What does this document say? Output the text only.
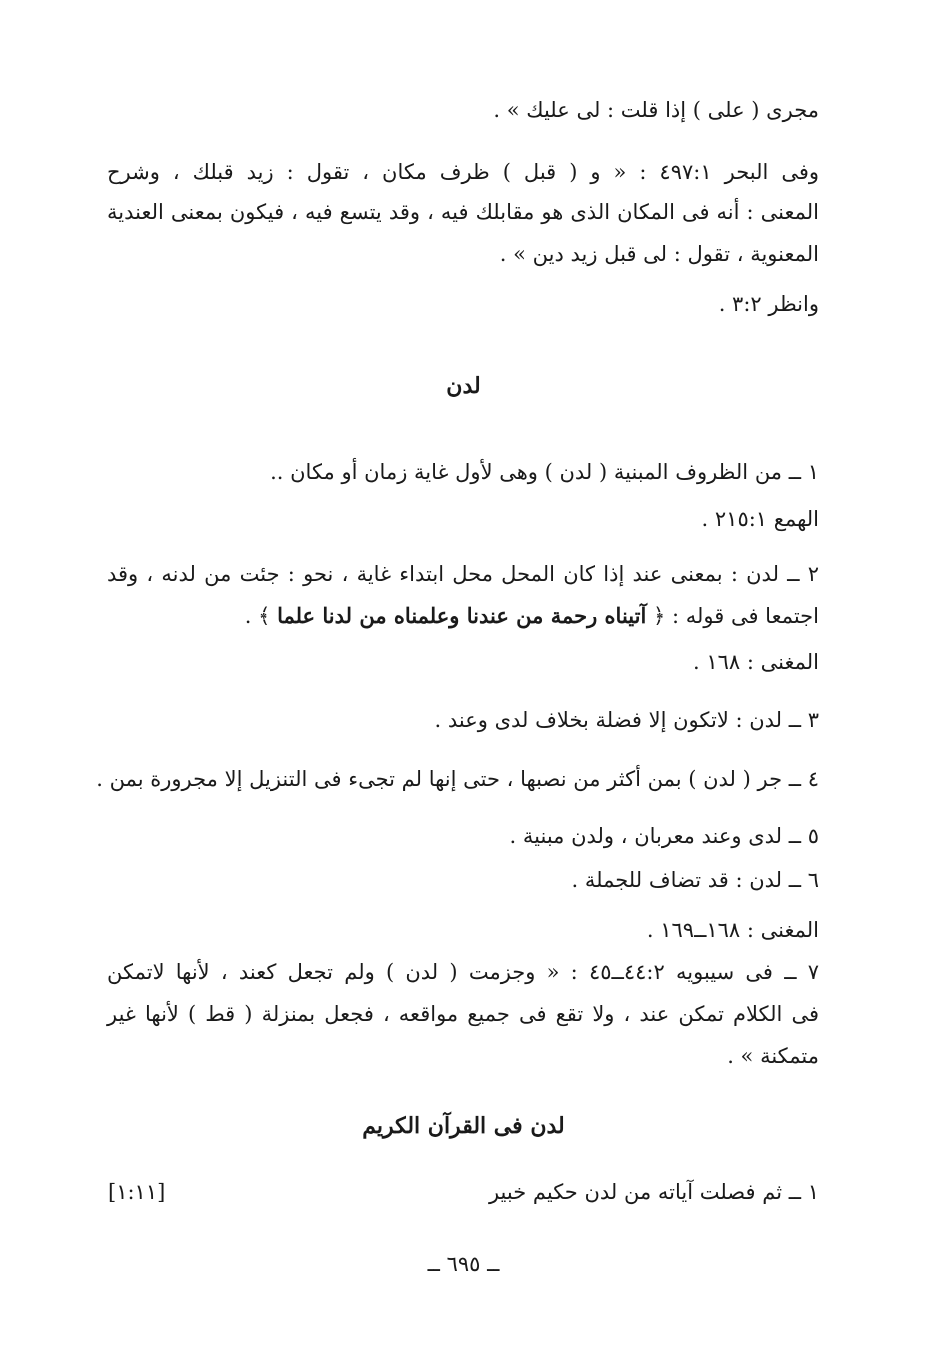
مجرى ( على ) إذا قلت : لى عليك » .
وفى البحر ٤٩٧:١ : « و ( قبل ) ظرف مكان ، تقول : زيد قبلك ، وشرح
المعنى : أنه فى المكان الذى هو مقابلك فيه ، وقد يتسع فيه ، فيكون بمعنى العندية
المعنوية ، تقول : لى قبل زيد دين » .
وانظر ٣:٢ .
لدن
١ ــ من الظروف المبنية ( لدن ) وهى لأول غاية زمان أو مكان ..
الهمع ٢١٥:١ .
٢ ــ لدن : بمعنى عند إذا كان المحل محل ابتداء غاية ، نحو : جئت من لدنه ، وقد
اجتمعا فى قوله : ﴿ آتيناه رحمة من عندنا وعلمناه من لدنا علما ﴾ .
المغنى : ١٦٨ .
٣ ــ لدن : لاتكون إلا فضلة بخلاف لدى وعند .
٤ ــ جر ( لدن ) بمن أكثر من نصبها ، حتى إنها لم تجىء فى التنزيل إلا مجرورة بمن .
٥ ــ لدى وعند معربان ، ولدن مبنية .
٦ ــ لدن : قد تضاف للجملة .
المغنى : ١٦٨ــ١٦٩ .
٧ ــ فى سيبويه ٤٤:٢ــ٤٥ : « وجزمت ( لدن ) ولم تجعل كعند ، لأنها لاتمكن
فى الكلام تمكن عند ، ولا تقع فى جميع مواقعه ، فجعل بمنزلة ( قط ) لأنها غير
متمكنة » .
لدن فى القرآن الكريم
١ ــ ثم فصلت آياته من لدن حكيم خبير
[١:١١]
ــ ٦٩٥ ــ
